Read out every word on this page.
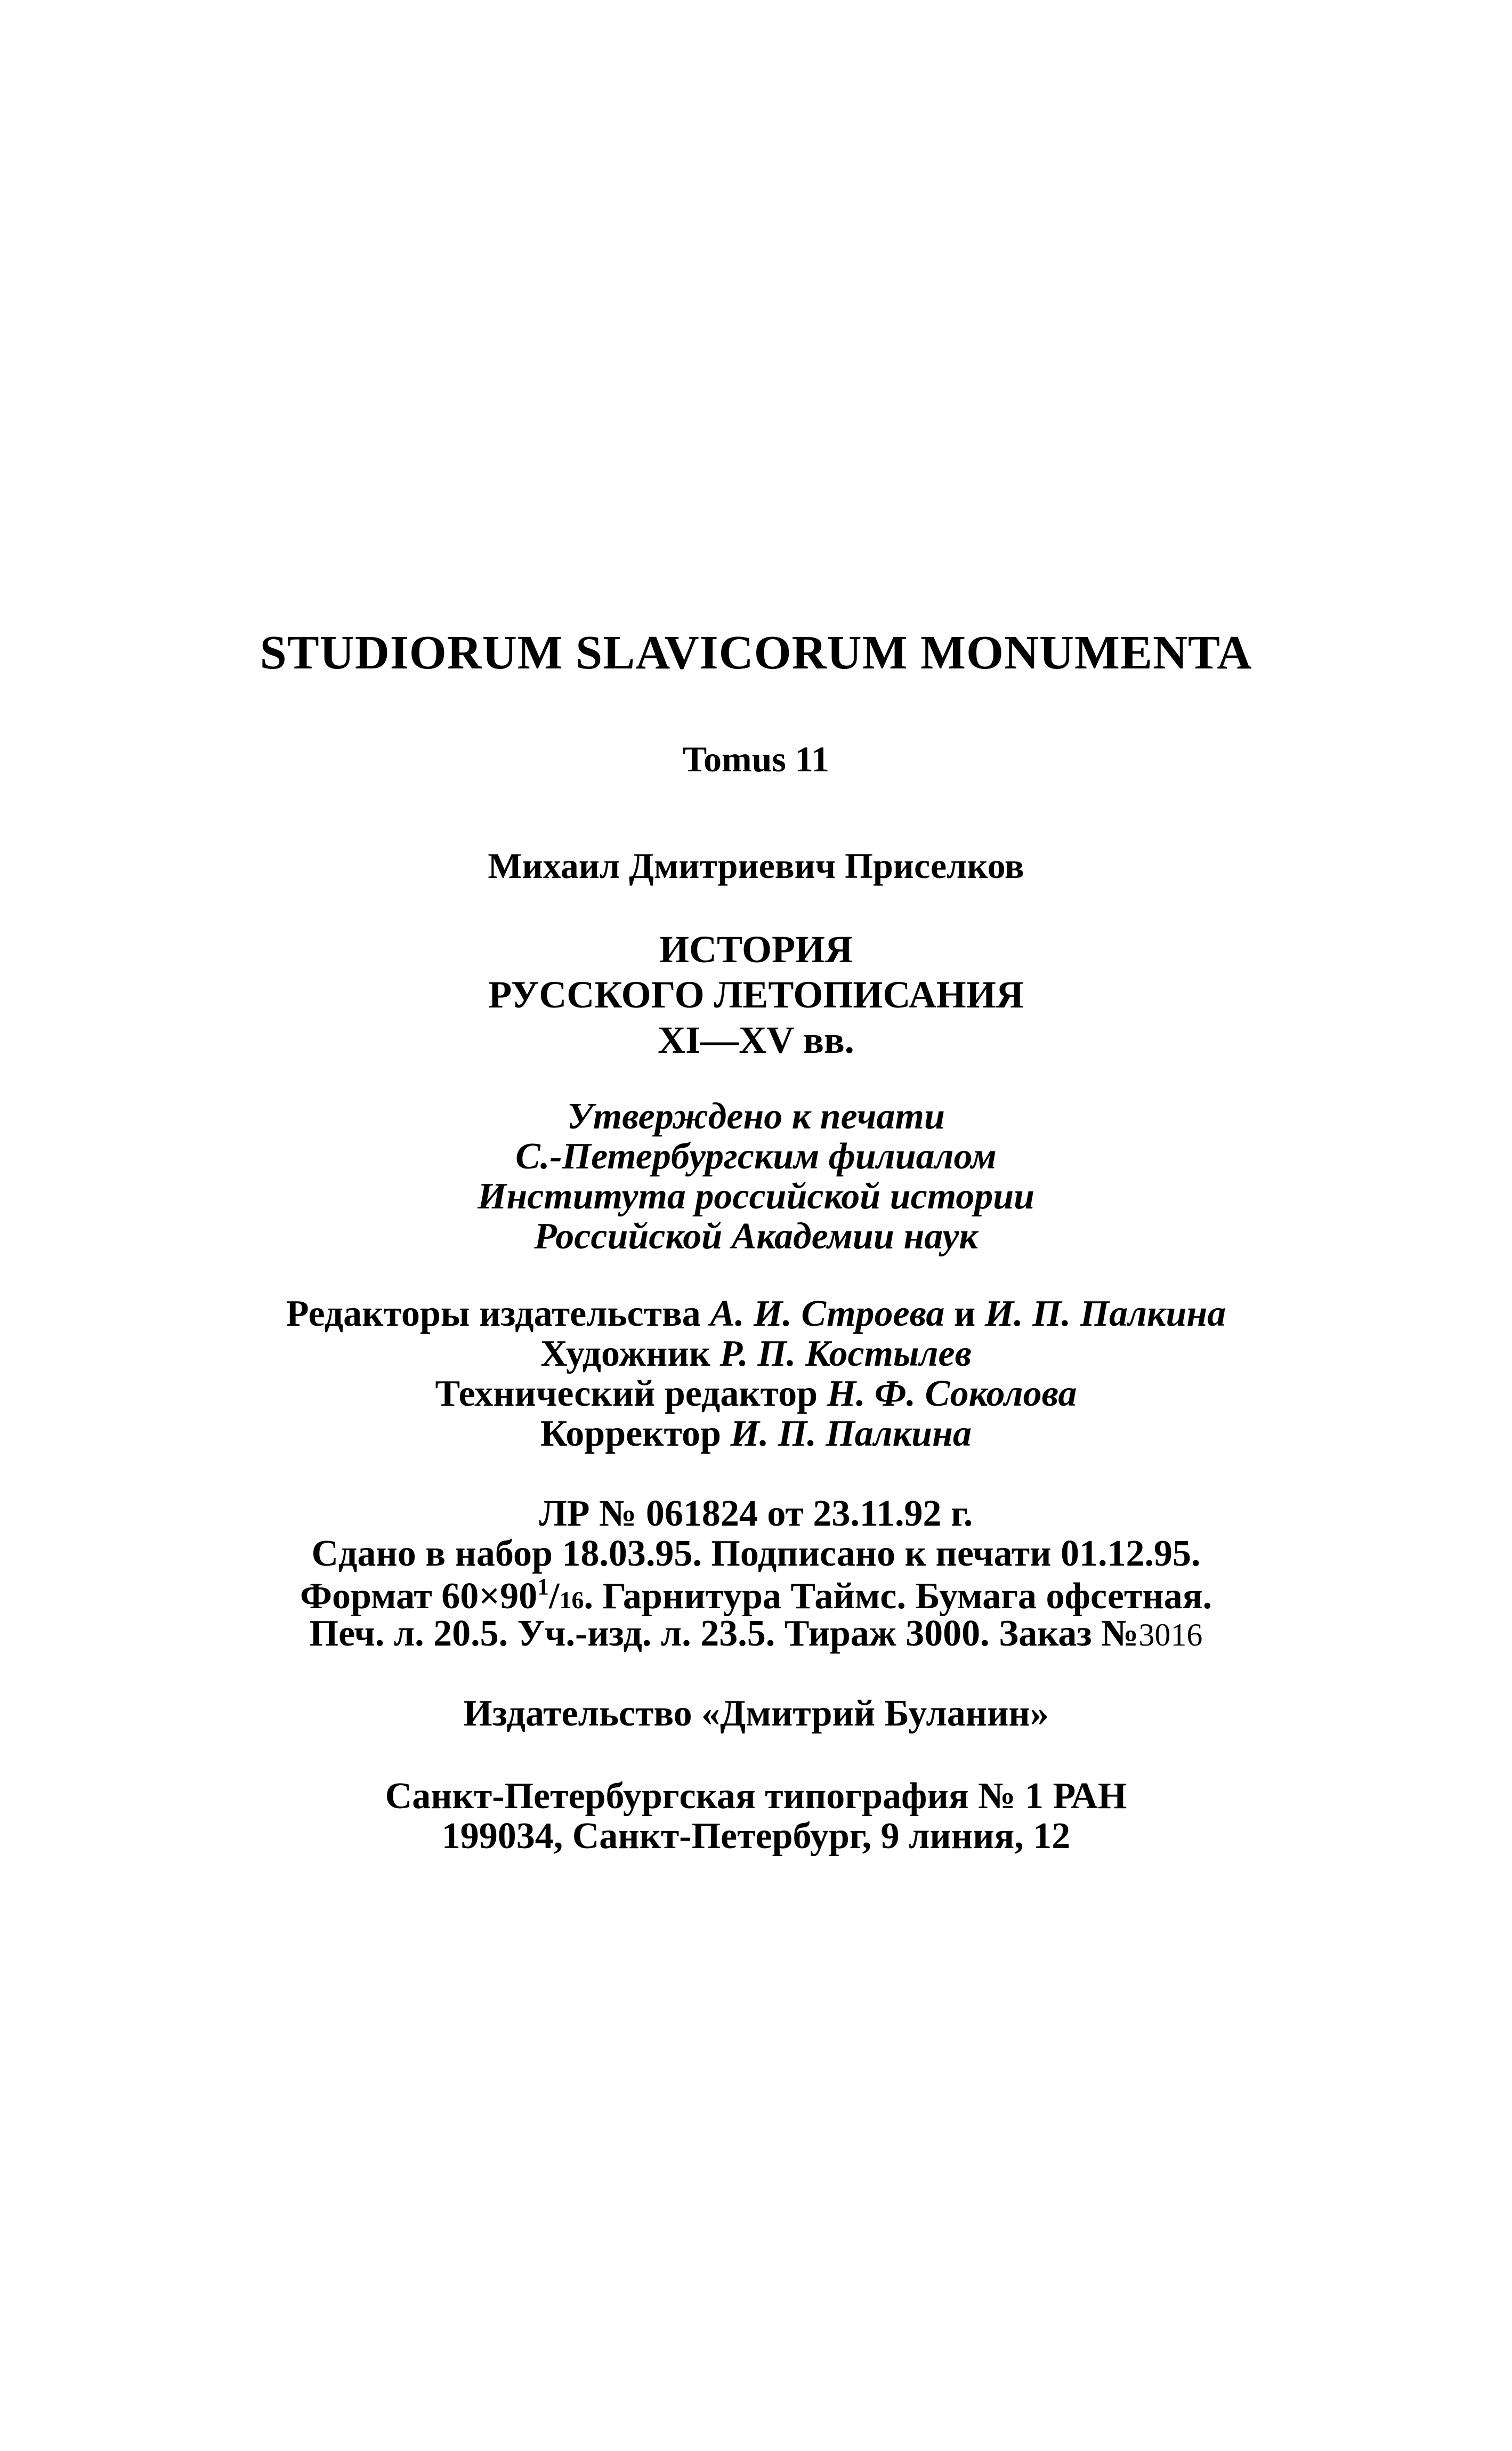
STUDIORUM SLAVICORUM MONUMENTA
Tomus 11
Михаил Дмитриевич Приселков
ИСТОРИЯ
РУССКОГО ЛЕТОПИСАНИЯ
XI—XV вв.
Утверждено к печати
С.-Петербургским филиалом
Института российской истории
Российской Академии наук
Редакторы издательства А. И. Строева и И. П. Палкина
Художник Р. П. Костылев
Технический редактор Н. Ф. Соколова
Корректор И. П. Палкина
ЛР № 061824 от 23.11.92 г.
Сдано в набор 18.03.95. Подписано к печати 01.12.95.
Формат $60\times 90^1/16$. Гарнитура Таймс. Бумага офсетная.
Печ. л. 20.5. Уч.-изд. л. 23.5. Тираж 3000. Заказ №3016
Издательство «Дмитрий Буланин»
Санкт-Петербургская типография № 1 РАН
199034, Санкт-Петербург, 9 линия, 12
